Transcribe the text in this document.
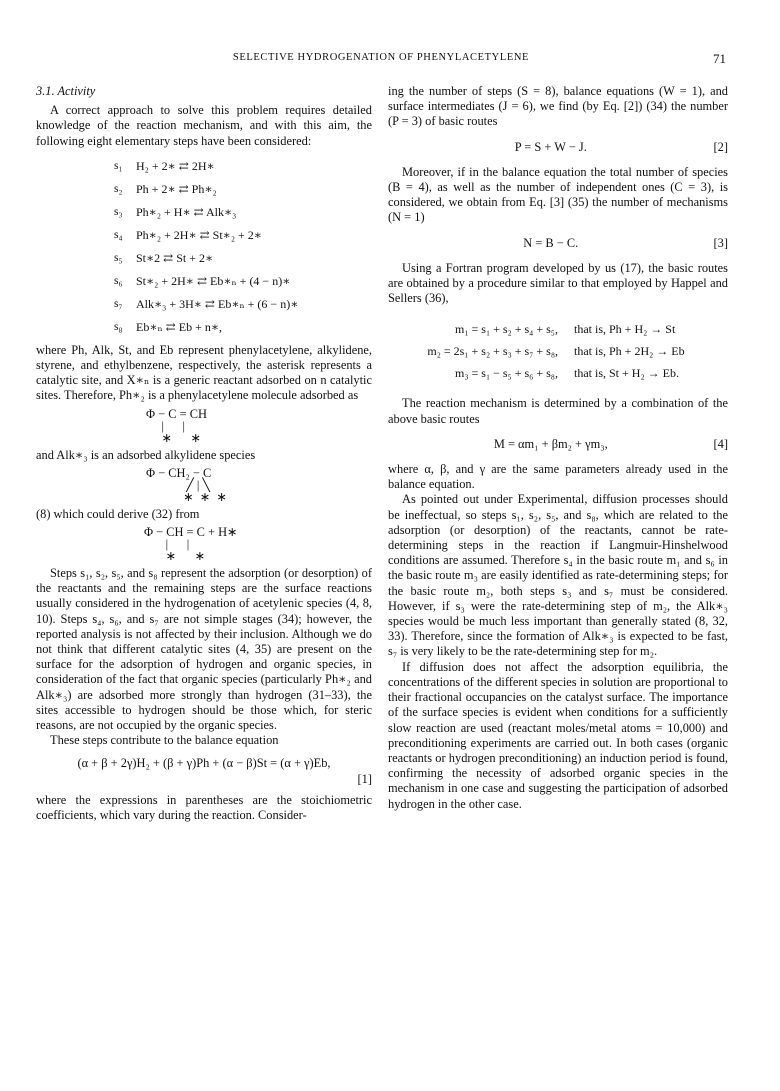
SELECTIVE HYDROGENATION OF PHENYLACETYLENE	71

3.1. Activity

A correct approach to solve this problem requires detailed knowledge of the reaction mechanism, and with this aim, the following eight elementary steps have been considered:

s₁	H₂ + 2∗ ⇄ 2H∗
s₂	Ph + 2∗ ⇄ Ph∗₂
s₃	Ph∗₂ + H∗ ⇄ Alk∗₃
s₄	Ph∗₂ + 2H∗ ⇄ St∗₂ + 2∗
s₅	St∗2 ⇄ St + 2∗
s₆	St∗₂ + 2H∗ ⇄ Eb∗ₙ + (4 − n)∗
s₇	Alk∗₃ + 3H∗ ⇄ Eb∗ₙ + (6 − n)∗
s₈	Eb∗ₙ ⇄ Eb + n∗,

where Ph, Alk, St, and Eb represent phenylacetylene, alkylidene, styrene, and ethylbenzene, respectively, the asterisk represents a catalytic site, and X∗ₙ is a generic reactant adsorbed on n catalytic sites. Therefore, Ph∗₂ is a phenylacetylene molecule adsorbed as

Φ − C = CH
|      |
∗      ∗

and Alk∗₃ is an adsorbed alkylidene species

Φ − CH₂ − C
╱ | ╲
∗  ∗  ∗

(8) which could derive (32) from

Φ − CH = C + H∗
|      |
∗      ∗

Steps s₁, s₂, s₅, and s₈ represent the adsorption (or desorption) of the reactants and the remaining steps are the surface reactions usually considered in the hydrogenation of acetylenic species (4, 8, 10). Steps s₄, s₆, and s₇ are not simple stages (34); however, the reported analysis is not affected by their inclusion. Although we do not think that different catalytic sites (4, 35) are present on the surface for the adsorption of hydrogen and organic species, in consideration of the fact that organic species (particularly Ph∗₂ and Alk∗₃) are adsorbed more strongly than hydrogen (31–33), the sites accessible to hydrogen should be those which, for steric reasons, are not occupied by the organic species.

These steps contribute to the balance equation

(α + β + 2γ)H₂ + (β + γ)Ph + (α − β)St = (α + γ)Eb,
[1]

where the expressions in parentheses are the stoichiometric coefficients, which vary during the reaction. Consider-

ing the number of steps (S = 8), balance equations (W = 1), and surface intermediates (J = 6), we find (by Eq. [2]) (34) the number (P = 3) of basic routes

P = S + W − J.	[2]

Moreover, if in the balance equation the total number of species (B = 4), as well as the number of independent ones (C = 3), is considered, we obtain from Eq. [3] (35) the number of mechanisms (N = 1)

N = B − C.	[3]

Using a Fortran program developed by us (17), the basic routes are obtained by a procedure similar to that employed by Happel and Sellers (36),

m₁ = s₁ + s₂ + s₄ + s₅,	that is, Ph + H₂ → St
m₂ = 2s₁ + s₂ + s₃ + s₇ + s₈,	that is, Ph + 2H₂ → Eb
m₃ = s₁ − s₅ + s₆ + s₈,	that is, St + H₂ → Eb.

The reaction mechanism is determined by a combination of the above basic routes

M = αm₁ + βm₂ + γm₃,	[4]

where α, β, and γ are the same parameters already used in the balance equation.

As pointed out under Experimental, diffusion processes should be ineffectual, so steps s₁, s₂, s₅, and s₈, which are related to the adsorption (or desorption) of the reactants, cannot be rate-determining steps in the reaction if Langmuir-Hinshelwood conditions are assumed. Therefore s₄ in the basic route m₁ and s₆ in the basic route m₃ are easily identified as rate-determining steps; for the basic route m₂, both steps s₃ and s₇ must be considered. However, if s₃ were the rate-determining step of m₂, the Alk∗₃ species would be much less important than generally stated (8, 32, 33). Therefore, since the formation of Alk∗₃ is expected to be fast, s₇ is very likely to be the rate-determining step for m₂.

If diffusion does not affect the adsorption equilibria, the concentrations of the different species in solution are proportional to their fractional occupancies on the catalyst surface. The importance of the surface species is evident when conditions for a sufficiently slow reaction are used (reactant moles/metal atoms = 10,000) and preconditioning experiments are carried out. In both cases (organic reactants or hydrogen preconditioning) an induction period is found, confirming the necessity of adsorbed organic species in the mechanism in one case and suggesting the participation of adsorbed hydrogen in the other case.
